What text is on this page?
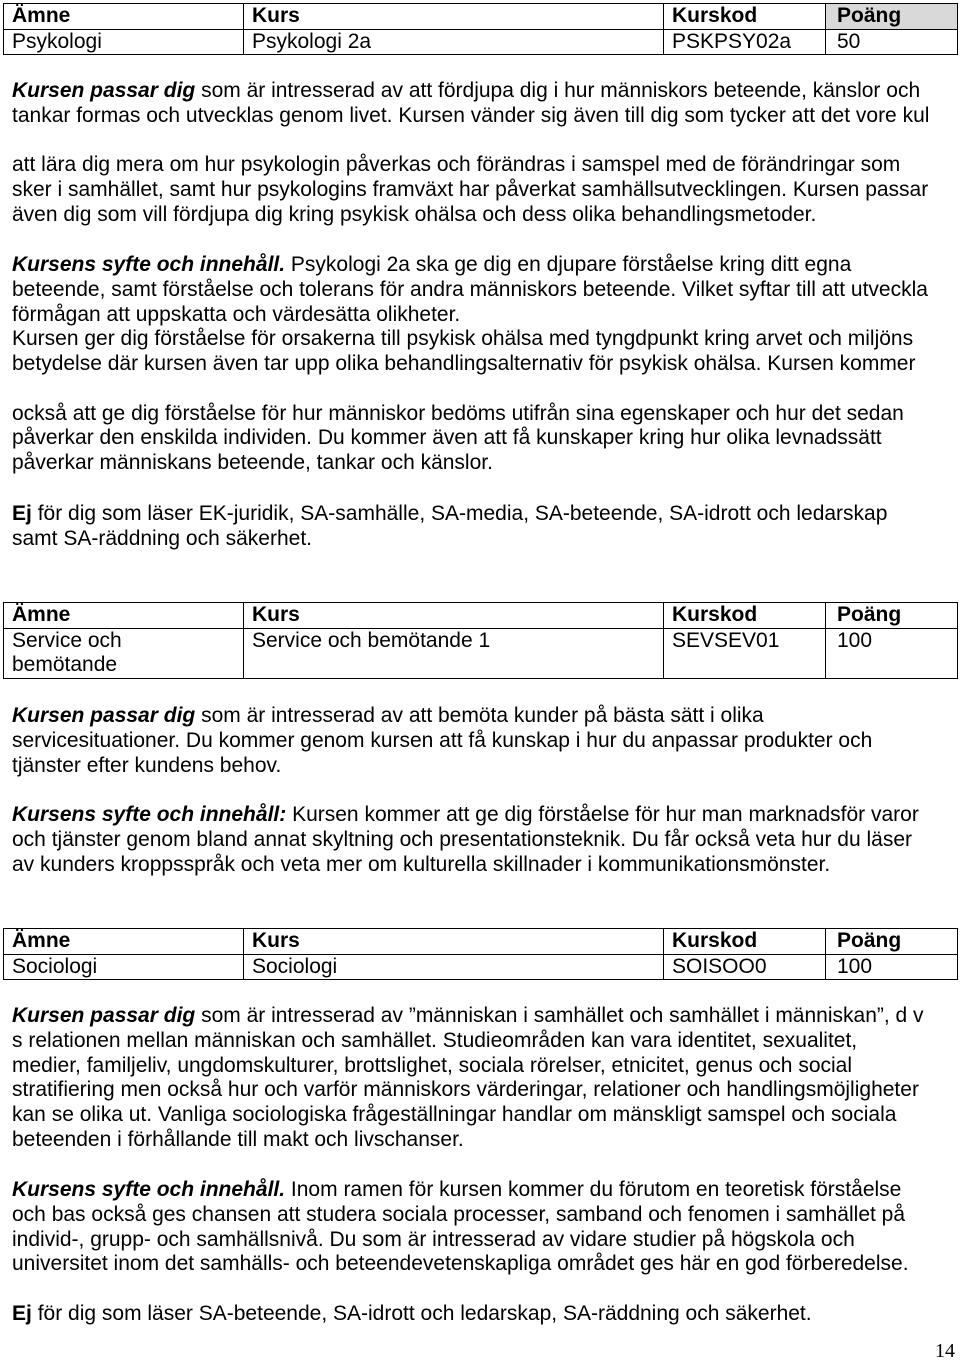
Ämne	Kurs	Kurskod	Poäng
Psykologi	Psykologi 2a	PSKPSY02a	50
Kursen passar dig som är intresserad av att fördjupa dig i hur människors beteende, känslor och
tankar formas och utvecklas genom livet. Kursen vänder sig även till dig som tycker att det vore kul
att lära dig mera om hur psykologin påverkas och förändras i samspel med de förändringar som
sker i samhället, samt hur psykologins framväxt har påverkat samhällsutvecklingen. Kursen passar
även dig som vill fördjupa dig kring psykisk ohälsa och dess olika behandlingsmetoder.
Kursens syfte och innehåll. Psykologi 2a ska ge dig en djupare förståelse kring ditt egna
beteende, samt förståelse och tolerans för andra människors beteende. Vilket syftar till att utveckla
förmågan att uppskatta och värdesätta olikheter.
Kursen ger dig förståelse för orsakerna till psykisk ohälsa med tyngdpunkt kring arvet och miljöns
betydelse där kursen även tar upp olika behandlingsalternativ för psykisk ohälsa. Kursen kommer
också att ge dig förståelse för hur människor bedöms utifrån sina egenskaper och hur det sedan
påverkar den enskilda individen. Du kommer även att få kunskaper kring hur olika levnadssätt
påverkar människans beteende, tankar och känslor.
Ej för dig som läser EK-juridik, SA-samhälle, SA-media, SA-beteende, SA-idrott och ledarskap
samt SA-räddning och säkerhet.
Ämne	Kurs	Kurskod	Poäng

Service och bemötande	Service och bemötande 1	SEVSEV01	100
Kursen passar dig som är intresserad av att bemöta kunder på bästa sätt i olika
servicesituationer. Du kommer genom kursen att få kunskap i hur du anpassar produkter och
tjänster efter kundens behov.
Kursens syfte och innehåll: Kursen kommer att ge dig förståelse för hur man marknadsför varor
och tjänster genom bland annat skyltning och presentationsteknik. Du får också veta hur du läser
av kunders kroppsspråk och veta mer om kulturella skillnader i kommunikationsmönster.
Ämne	Kurs	Kurskod	Poäng
Sociologi	Sociologi	SOISOO0	100
Kursen passar dig som är intresserad av ”människan i samhället och samhället i människan”, d v
s relationen mellan människan och samhället. Studieområden kan vara identitet, sexualitet,
medier, familjeliv, ungdomskulturer, brottslighet, sociala rörelser, etnicitet, genus och social
stratifiering men också hur och varför människors värderingar, relationer och handlingsmöjligheter
kan se olika ut. Vanliga sociologiska frågeställningar handlar om mänskligt samspel och sociala
beteenden i förhållande till makt och livschanser.
Kursens syfte och innehåll. Inom ramen för kursen kommer du förutom en teoretisk förståelse
och bas också ges chansen att studera sociala processer, samband och fenomen i samhället på
individ-, grupp- och samhällsnivå. Du som är intresserad av vidare studier på högskola och
universitet inom det samhälls- och beteendevetenskapliga området ges här en god förberedelse.
Ej för dig som läser SA-beteende, SA-idrott och ledarskap, SA-räddning och säkerhet.
14
